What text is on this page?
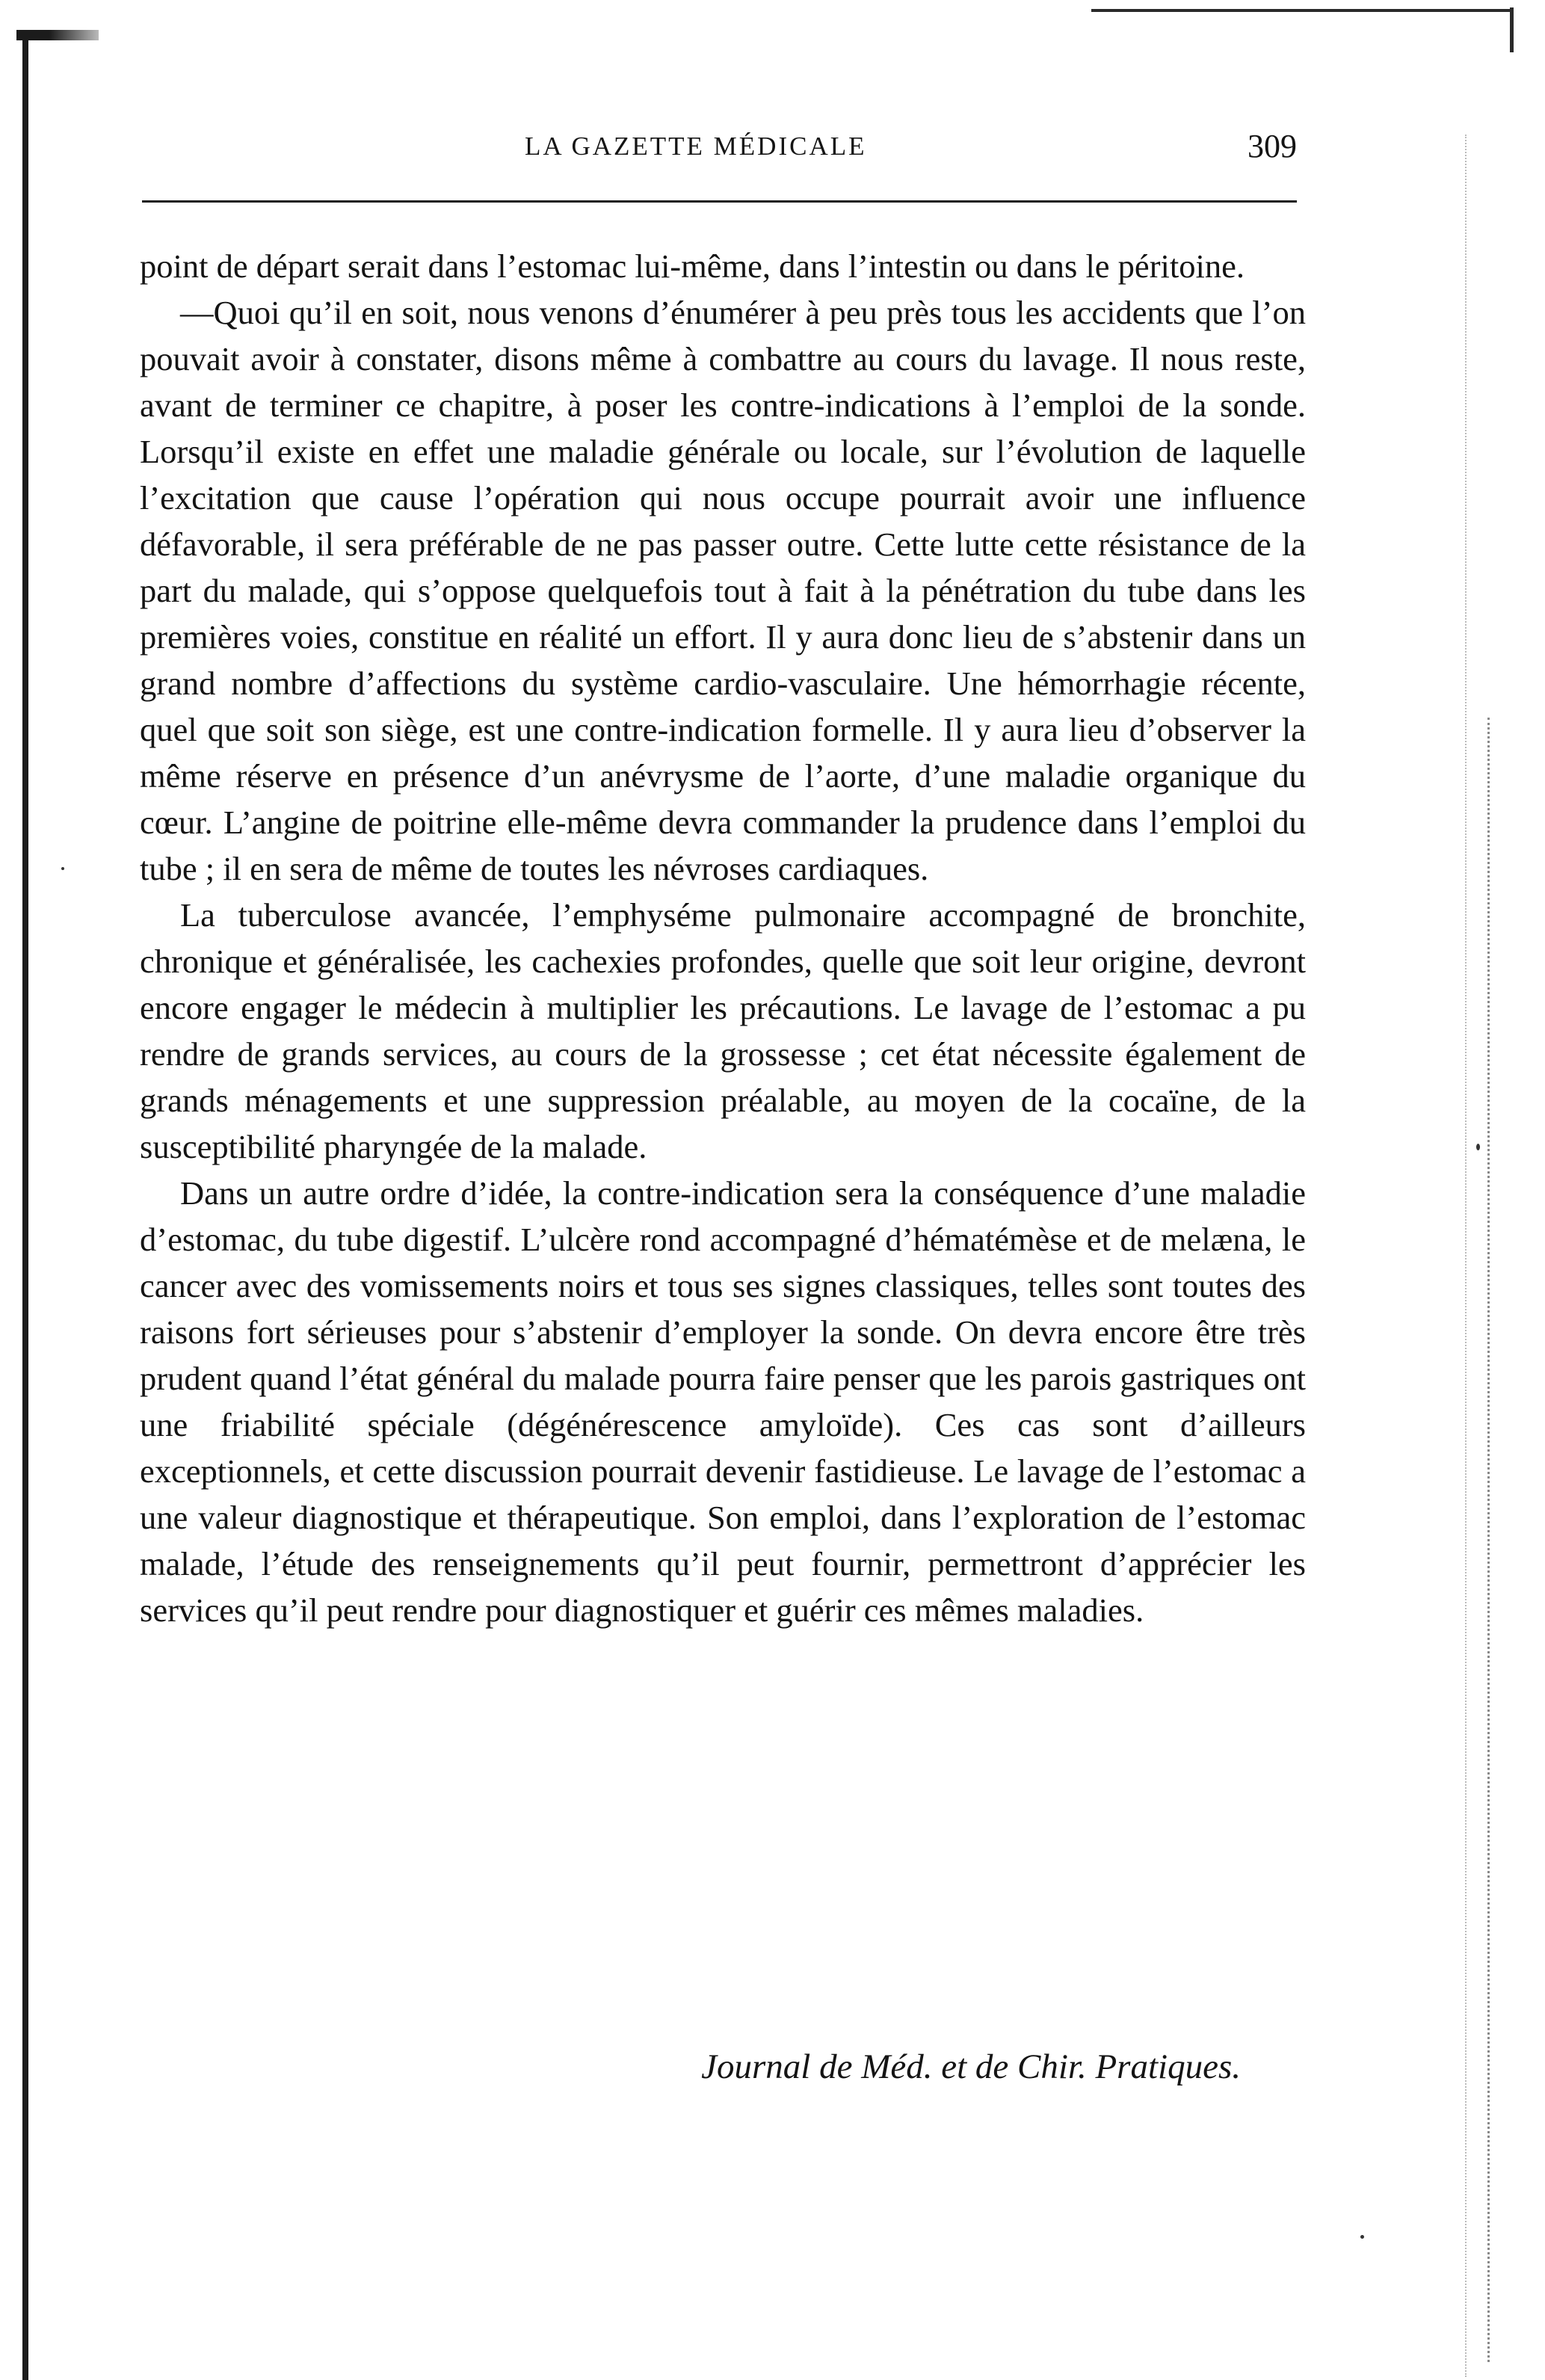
LA GAZETTE MÉDICALE	309

point de départ serait dans l’estomac lui-même, dans l’intestin ou dans le péritoine.

—Quoi qu’il en soit, nous venons d’énumérer à peu près tous les accidents que l’on pouvait avoir à constater, disons même à combattre au cours du lavage. Il nous reste, avant de terminer ce chapitre, à poser les contre-indications à l’emploi de la sonde. Lorsqu’il existe en effet une maladie générale ou locale, sur l’évolution de laquelle l’excitation que cause l’opération qui nous occupe pourrait avoir une influence défavorable, il sera préférable de ne pas passer outre. Cette lutte cette résistance de la part du malade, qui s’oppose quelquefois tout à fait à la pénétration du tube dans les premières voies, constitue en réalité un effort. Il y aura donc lieu de s’abstenir dans un grand nombre d’affections du système cardio-vasculaire. Une hémorrhagie récente, quel que soit son siège, est une contre-indication formelle. Il y aura lieu d’observer la même réserve en présence d’un anévrysme de l’aorte, d’une maladie organique du cœur. L’angine de poitrine elle-même devra commander la prudence dans l’emploi du tube ; il en sera de même de toutes les névroses cardiaques.

La tuberculose avancée, l’emphyséme pulmonaire accompagné de bronchite, chronique et généralisée, les cachexies profondes, quelle que soit leur origine, devront encore engager le médecin à multiplier les précautions. Le lavage de l’estomac a pu rendre de grands services, au cours de la grossesse ; cet état nécessite également de grands ménagements et une suppression préalable, au moyen de la cocaïne, de la susceptibilité pharyngée de la malade.

Dans un autre ordre d’idée, la contre-indication sera la conséquence d’une maladie d’estomac, du tube digestif. L’ulcère rond accompagné d’hématémèse et de melæna, le cancer avec des vomissements noirs et tous ses signes classiques, telles sont toutes des raisons fort sérieuses pour s’abstenir d’employer la sonde. On devra encore être très prudent quand l’état général du malade pourra faire penser que les parois gastriques ont une friabilité spéciale (dégénérescence amyloïde). Ces cas sont d’ailleurs exceptionnels, et cette discussion pourrait devenir fastidieuse. Le lavage de l’estomac a une valeur diagnostique et thérapeutique. Son emploi, dans l’exploration de l’estomac malade, l’étude des renseignements qu’il peut fournir, permettront d’apprécier les services qu’il peut rendre pour diagnostiquer et guérir ces mêmes maladies.

Journal de Méd. et de Chir. Pratiques.
